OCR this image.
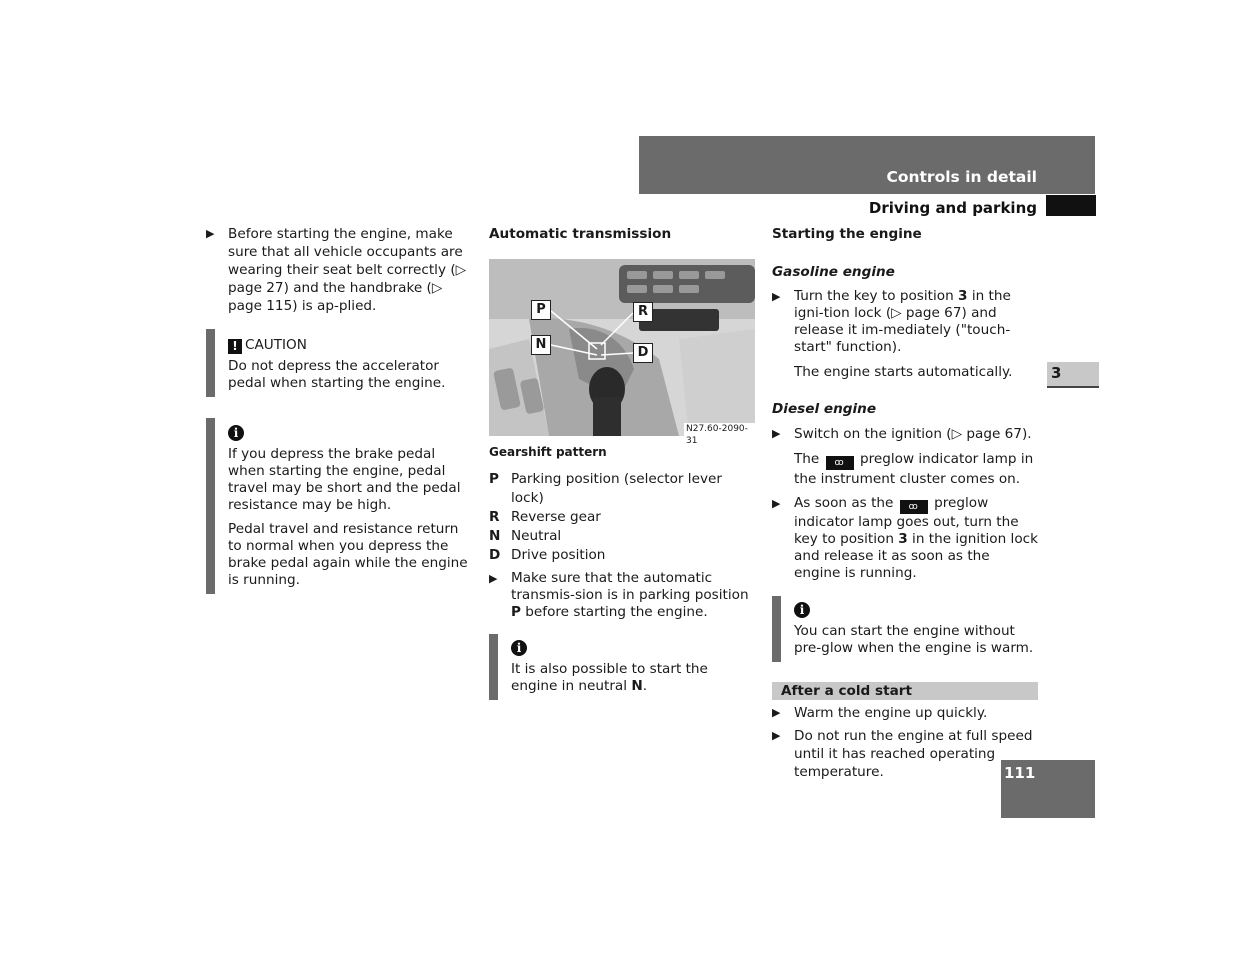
Controls in detail
Driving and parking
3
111

▶ Before starting the engine, make sure that all vehicle occupants are wearing their seat belt correctly (▷ page 27) and the handbrake (▷ page 115) is ap-plied.

! CAUTION
Do not depress the accelerator pedal when starting the engine.
i
If you depress the brake pedal when starting the engine, pedal travel may be short and the pedal resistance may be high.
Pedal travel and resistance return to normal when you depress the brake pedal again while the engine is running.
Automatic transmission
P	R
N
D
N27.60-2090-31
Gearshift pattern
P Parking position (selector lever lock)
R Reverse gear
N Neutral
D Drive position

▶ Make sure that the automatic transmis-sion is in parking position P before starting the engine.

i
It is also possible to start the engine in neutral N.
Starting the engine
Gasoline engine

▶ Turn the key to position 3 in the igni-tion lock (▷ page 67) and release it im-mediately ("touch-start" function).

The engine starts automatically.

Diesel engine

▶ Switch on the ignition (▷ page 67).

The ꝏ preglow indicator lamp in the instrument cluster comes on.

▶ As soon as the ꝏ preglow indicator lamp goes out, turn the key to position 3 in the ignition lock and release it as soon as the engine is running.

i
You can start the engine without pre-glow when the engine is warm.
After a cold start

▶ Warm the engine up quickly.

▶ Do not run the engine at full speed until it has reached operating temperature.
